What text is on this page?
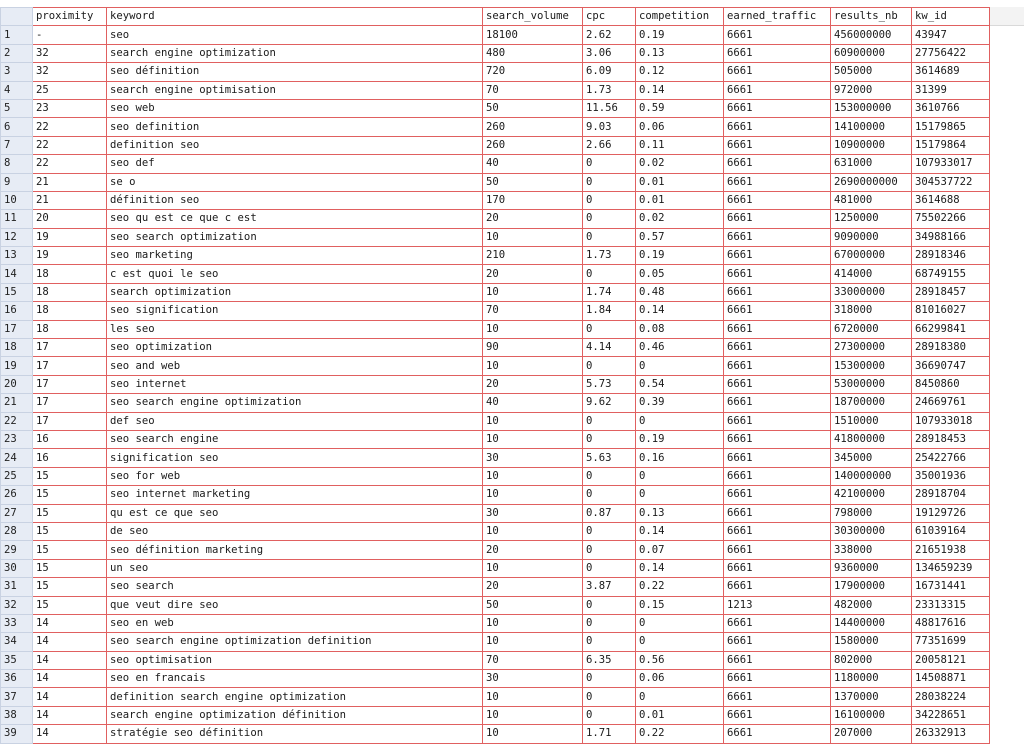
	proximity	keyword	search_volume	cpc	competition	earned_traffic	results_nb	kw_id
1	-	seo	18100	2.62	0.19	6661	456000000	43947
2	32	search engine optimization	480	3.06	0.13	6661	60900000	27756422
3	32	seo définition	720	6.09	0.12	6661	505000	3614689
4	25	search engine optimisation	70	1.73	0.14	6661	972000	31399
5	23	seo web	50	11.56	0.59	6661	153000000	3610766
6	22	seo definition	260	9.03	0.06	6661	14100000	15179865
7	22	definition seo	260	2.66	0.11	6661	10900000	15179864
8	22	seo def	40	0	0.02	6661	631000	107933017
9	21	se o	50	0	0.01	6661	2690000000	304537722
10	21	définition seo	170	0	0.01	6661	481000	3614688
11	20	seo qu est ce que c est	20	0	0.02	6661	1250000	75502266
12	19	seo search optimization	10	0	0.57	6661	9090000	34988166
13	19	seo marketing	210	1.73	0.19	6661	67000000	28918346
14	18	c est quoi le seo	20	0	0.05	6661	414000	68749155
15	18	search optimization	10	1.74	0.48	6661	33000000	28918457
16	18	seo signification	70	1.84	0.14	6661	318000	81016027
17	18	les seo	10	0	0.08	6661	6720000	66299841
18	17	seo optimization	90	4.14	0.46	6661	27300000	28918380
19	17	seo and web	10	0	0	6661	15300000	36690747
20	17	seo internet	20	5.73	0.54	6661	53000000	8450860
21	17	seo search engine optimization	40	9.62	0.39	6661	18700000	24669761
22	17	def seo	10	0	0	6661	1510000	107933018
23	16	seo search engine	10	0	0.19	6661	41800000	28918453
24	16	signification seo	30	5.63	0.16	6661	345000	25422766
25	15	seo for web	10	0	0	6661	140000000	35001936
26	15	seo internet marketing	10	0	0	6661	42100000	28918704
27	15	qu est ce que seo	30	0.87	0.13	6661	798000	19129726
28	15	de seo	10	0	0.14	6661	30300000	61039164
29	15	seo définition marketing	20	0	0.07	6661	338000	21651938
30	15	un seo	10	0	0.14	6661	9360000	134659239
31	15	seo search	20	3.87	0.22	6661	17900000	16731441
32	15	que veut dire seo	50	0	0.15	1213	482000	23313315
33	14	seo en web	10	0	0	6661	14400000	48817616
34	14	seo search engine optimization definition	10	0	0	6661	1580000	77351699
35	14	seo optimisation	70	6.35	0.56	6661	802000	20058121
36	14	seo en francais	30	0	0.06	6661	1180000	14508871
37	14	definition search engine optimization	10	0	0	6661	1370000	28038224
38	14	search engine optimization définition	10	0	0.01	6661	16100000	34228651
39	14	stratégie seo définition	10	1.71	0.22	6661	207000	26332913
